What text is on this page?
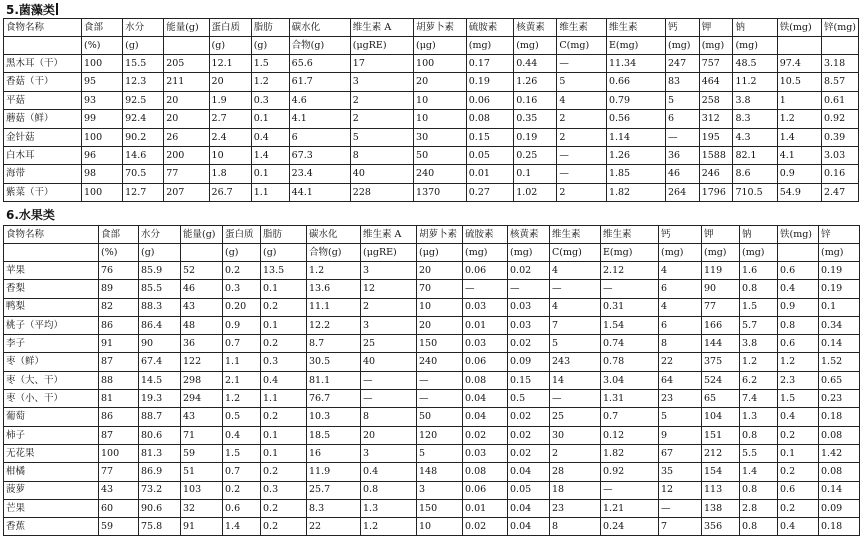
5.菌藻类
食物名称	食部	水分	能量(g)	蛋白质	脂肪	碳水化	维生素 A	胡萝卜素	硫胺素	核黄素	维生素	维生素	钙	钾	钠	铁(mg)	锌(mg)
	(%)	(g)		(g)	(g)	合物(g)	(μgRE)	(μg)	(mg)	(mg)	C(mg)	E(mg)	(mg)	(mg)	(mg)		
黑木耳（干）	100	15.5	205	12.1	1.5	65.6	17	100	0.17	0.44	—	11.34	247	757	48.5	97.4	3.18
香菇（干）	95	12.3	211	20	1.2	61.7	3	20	0.19	1.26	5	0.66	83	464	11.2	10.5	8.57
平菇	93	92.5	20	1.9	0.3	4.6	2	10	0.06	0.16	4	0.79	5	258	3.8	1	0.61
蘑菇（鲜）	99	92.4	20	2.7	0.1	4.1	2	10	0.08	0.35	2	0.56	6	312	8.3	1.2	0.92
金针菇	100	90.2	26	2.4	0.4	6	5	30	0.15	0.19	2	1.14	—	195	4.3	1.4	0.39
白木耳	96	14.6	200	10	1.4	67.3	8	50	0.05	0.25	—	1.26	36	1588	82.1	4.1	3.03
海带	98	70.5	77	1.8	0.1	23.4	40	240	0.01	0.1	—	1.85	46	246	8.6	0.9	0.16
紫菜（干）	100	12.7	207	26.7	1.1	44.1	228	1370	0.27	1.02	2	1.82	264	1796	710.5	54.9	2.47
6.水果类
食物名称	食部	水分	能量(g)	蛋白质	脂肪	碳水化	维生素 A	胡萝卜素	硫胺素	核黄素	维生素	维生素	钙	钾	钠	铁(mg)	锌
	(%)	(g)		(g)	(g)	合物(g)	(μgRE)	(μg)	(mg)	(mg)	C(mg)	E(mg)	(mg)	(mg)	(mg)		(mg)
苹果	76	85.9	52	0.2	13.5	1.2	3	20	0.06	0.02	4	2.12	4	119	1.6	0.6	0.19
香梨	89	85.5	46	0.3	0.1	13.6	12	70	—	—	—	—	6	90	0.8	0.4	0.19
鸭梨	82	88.3	43	0.20	0.2	11.1	2	10	0.03	0.03	4	0.31	4	77	1.5	0.9	0.1
桃子（平均）	86	86.4	48	0.9	0.1	12.2	3	20	0.01	0.03	7	1.54	6	166	5.7	0.8	0.34
李子	91	90	36	0.7	0.2	8.7	25	150	0.03	0.02	5	0.74	8	144	3.8	0.6	0.14
枣（鲜）	87	67.4	122	1.1	0.3	30.5	40	240	0.06	0.09	243	0.78	22	375	1.2	1.2	1.52
枣（大、干）	88	14.5	298	2.1	0.4	81.1	—	—	0.08	0.15	14	3.04	64	524	6.2	2.3	0.65
枣（小、干）	81	19.3	294	1.2	1.1	76.7	—	—	0.04	0.5	—	1.31	23	65	7.4	1.5	0.23
葡萄	86	88.7	43	0.5	0.2	10.3	8	50	0.04	0.02	25	0.7	5	104	1.3	0.4	0.18
柿子	87	80.6	71	0.4	0.1	18.5	20	120	0.02	0.02	30	0.12	9	151	0.8	0.2	0.08
无花果	100	81.3	59	1.5	0.1	16	3	5	0.03	0.02	2	1.82	67	212	5.5	0.1	1.42
柑橘	77	86.9	51	0.7	0.2	11.9	0.4	148	0.08	0.04	28	0.92	35	154	1.4	0.2	0.08
菠萝	43	73.2	103	0.2	0.3	25.7	0.8	3	0.06	0.05	18	—	12	113	0.8	0.6	0.14
芒果	60	90.6	32	0.6	0.2	8.3	1.3	150	0.01	0.04	23	1.21	—	138	2.8	0.2	0.09
香蕉	59	75.8	91	1.4	0.2	22	1.2	10	0.02	0.04	8	0.24	7	356	0.8	0.4	0.18
